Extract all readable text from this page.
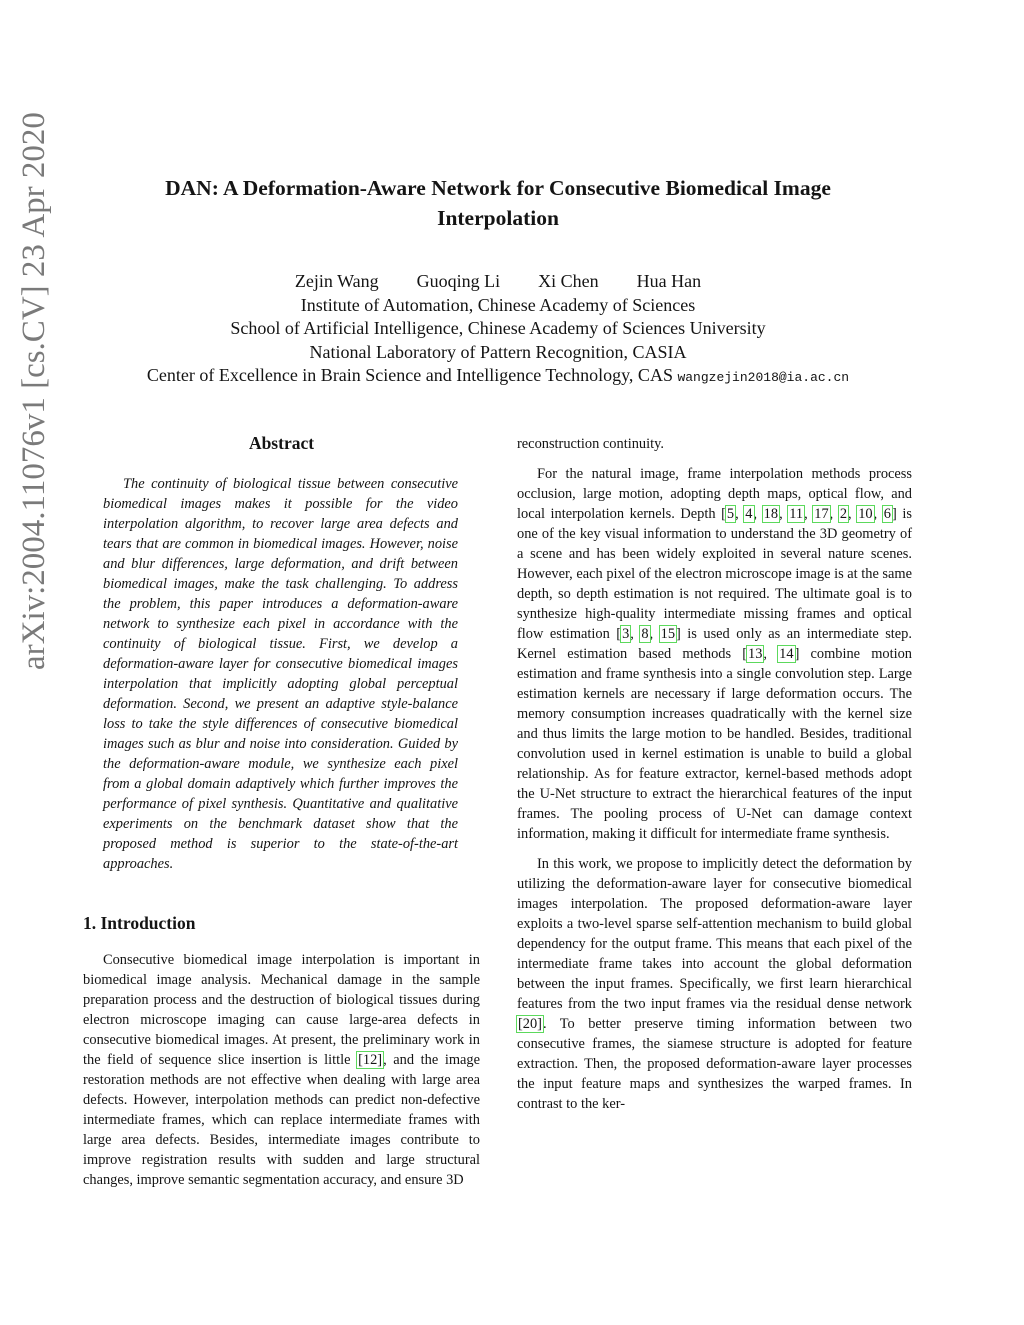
arXiv:2004.11076v1 [cs.CV] 23 Apr 2020	DAN: A Deformation-Aware Network for Consecutive Biomedical Image
Interpolation
Zejin Wang Guoqing Li Xi Chen Hua Han
Institute of Automation, Chinese Academy of Sciences
School of Artificial Intelligence, Chinese Academy of Sciences University
National Laboratory of Pattern Recognition, CASIA
Center of Excellence in Brain Science and Intelligence Technology, CAS wangzejin2018@ia.ac.cn
Abstract

The continuity of biological tissue between consecutive biomedical images makes it possible for the video interpolation algorithm, to recover large area defects and tears that are common in biomedical images. However, noise and blur differences, large deformation, and drift between biomedical images, make the task challenging. To address the problem, this paper introduces a deformation-aware network to synthesize each pixel in accordance with the continuity of biological tissue. First, we develop a deformation-aware layer for consecutive biomedical images interpolation that implicitly adopting global perceptual deformation. Second, we present an adaptive style-balance loss to take the style differences of consecutive biomedical images such as blur and noise into consideration. Guided by the deformation-aware module, we synthesize each pixel from a global domain adaptively which further improves the performance of pixel synthesis. Quantitative and qualitative experiments on the benchmark dataset show that the proposed method is superior to the state-of-the-art approaches.

1. Introduction

Consecutive biomedical image interpolation is important in biomedical image analysis. Mechanical damage in the sample preparation process and the destruction of biological tissues during electron microscope imaging can cause large-area defects in consecutive biomedical images. At present, the preliminary work in the field of sequence slice insertion is little [12], and the image restoration methods are not effective when dealing with large area defects. However, interpolation methods can predict non-defective intermediate frames, which can replace intermediate frames with large area defects. Besides, intermediate images contribute to improve registration results with sudden and large structural changes, improve semantic segmentation accuracy, and ensure 3D

reconstruction continuity.

For the natural image, frame interpolation methods process occlusion, large motion, adopting depth maps, optical flow, and local interpolation kernels. Depth [5, 4, 18, 11, 17, 2, 10, 6] is one of the key visual information to understand the 3D geometry of a scene and has been widely exploited in several nature scenes. However, each pixel of the electron microscope image is at the same depth, so depth estimation is not required. The ultimate goal is to synthesize high-quality intermediate missing frames and optical flow estimation [3, 8, 15] is used only as an intermediate step. Kernel estimation based methods [13, 14] combine motion estimation and frame synthesis into a single convolution step. Large estimation kernels are necessary if large deformation occurs. The memory consumption increases quadratically with the kernel size and thus limits the large motion to be handled. Besides, traditional convolution used in kernel estimation is unable to build a global relationship. As for feature extractor, kernel-based methods adopt the U-Net structure to extract the hierarchical features of the input frames. The pooling process of U-Net can damage context information, making it difficult for intermediate frame synthesis.

In this work, we propose to implicitly detect the deformation by utilizing the deformation-aware layer for consecutive biomedical images interpolation. The proposed deformation-aware layer exploits a two-level sparse self-attention mechanism to build global dependency for the output frame. This means that each pixel of the intermediate frame takes into account the global deformation between the input frames. Specifically, we first learn hierarchical features from the two input frames via the residual dense network [20]. To better preserve timing information between two consecutive frames, the siamese structure is adopted for feature extraction. Then, the proposed deformation-aware layer processes the input feature maps and synthesizes the warped frames. In contrast to the ker-
